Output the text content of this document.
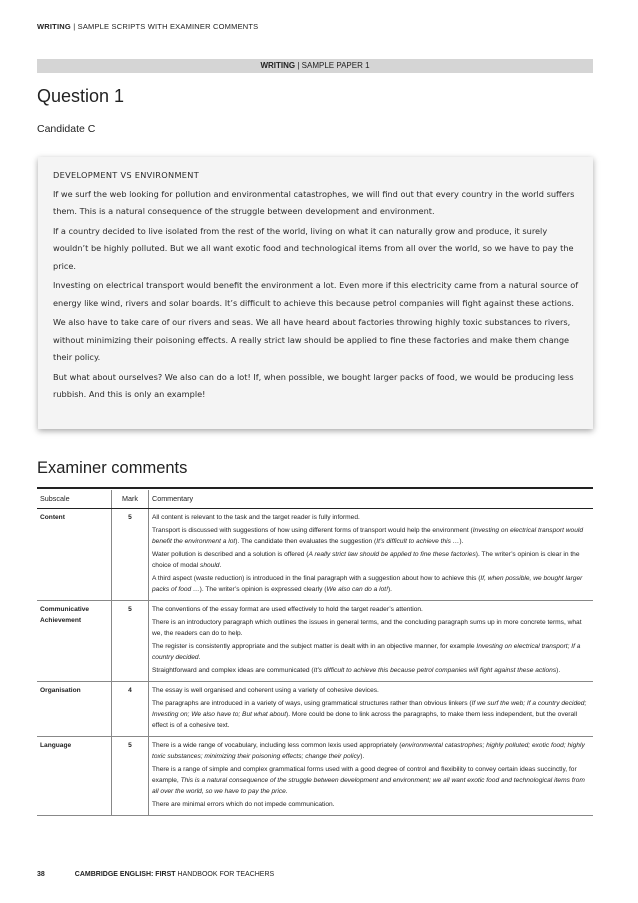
WRITING | SAMPLE SCRIPTS WITH EXAMINER COMMENTS
WRITING | SAMPLE PAPER 1
Question 1
Candidate C
DEVELOPMENT VS ENVIRONMENT

If we surf the web looking for pollution and environmental catastrophes, we will find out that every country in the world suffers them. This is a natural consequence of the struggle between development and environment.

If a country decided to live isolated from the rest of the world, living on what it can naturally grow and produce, it surely wouldn’t be highly polluted. But we all want exotic food and technological items from all over the world, so we have to pay the price.

Investing on electrical transport would benefit the environment a lot. Even more if this electricity came from a natural source of energy like wind, rivers and solar boards. It’s difficult to achieve this because petrol companies will fight against these actions.

We also have to take care of our rivers and seas. We all have heard about factories throwing highly toxic substances to rivers, without minimizing their poisoning effects. A really strict law should be applied to fine these factories and make them change their policy.

But what about ourselves? We also can do a lot! If, when possible, we bought larger packs of food, we would be producing less rubbish. And this is only an example!

Examiner comments
Subscale	Mark	Commentary
Content	5	All content is relevant to the task and the target reader is fully informed.

Transport is discussed with suggestions of how using different forms of transport would help the environment (Investing on electrical transport would benefit the environment a lot). The candidate then evaluates the suggestion (It’s difficult to achieve this …).

Water pollution is described and a solution is offered (A really strict law should be applied to fine these factories). The writer’s opinion is clear in the choice of modal should.

A third aspect (waste reduction) is introduced in the final paragraph with a suggestion about how to achieve this (If, when possible, we bought larger packs of food …). The writer’s opinion is expressed clearly (We also can do a lot!).

Communicative Achievement	5	The conventions of the essay format are used effectively to hold the target reader’s attention.

There is an introductory paragraph which outlines the issues in general terms, and the concluding paragraph sums up in more concrete terms, what we, the readers can do to help.

The register is consistently appropriate and the subject matter is dealt with in an objective manner, for example Investing on electrical transport; If a country decided.

Straightforward and complex ideas are communicated (It’s difficult to achieve this because petrol companies will fight against these actions).

Organisation	4	The essay is well organised and coherent using a variety of cohesive devices.

The paragraphs are introduced in a variety of ways, using grammatical structures rather than obvious linkers (If we surf the web; If a country decided; Investing on; We also have to; But what about). More could be done to link across the paragraphs, to make them less independent, but the overall effect is of a cohesive text.

Language	5	There is a wide range of vocabulary, including less common lexis used appropriately (environmental catastrophes; highly polluted; exotic food; highly toxic substances; minimizing their poisoning effects; change their policy).

There is a range of simple and complex grammatical forms used with a good degree of control and flexibility to convey certain ideas succinctly, for example, This is a natural consequence of the struggle between development and environment; we all want exotic food and technological items from all over the world, so we have to pay the price.

There are minimal errors which do not impede communication.

38	CAMBRIDGE ENGLISH: FIRST HANDBOOK FOR TEACHERS
